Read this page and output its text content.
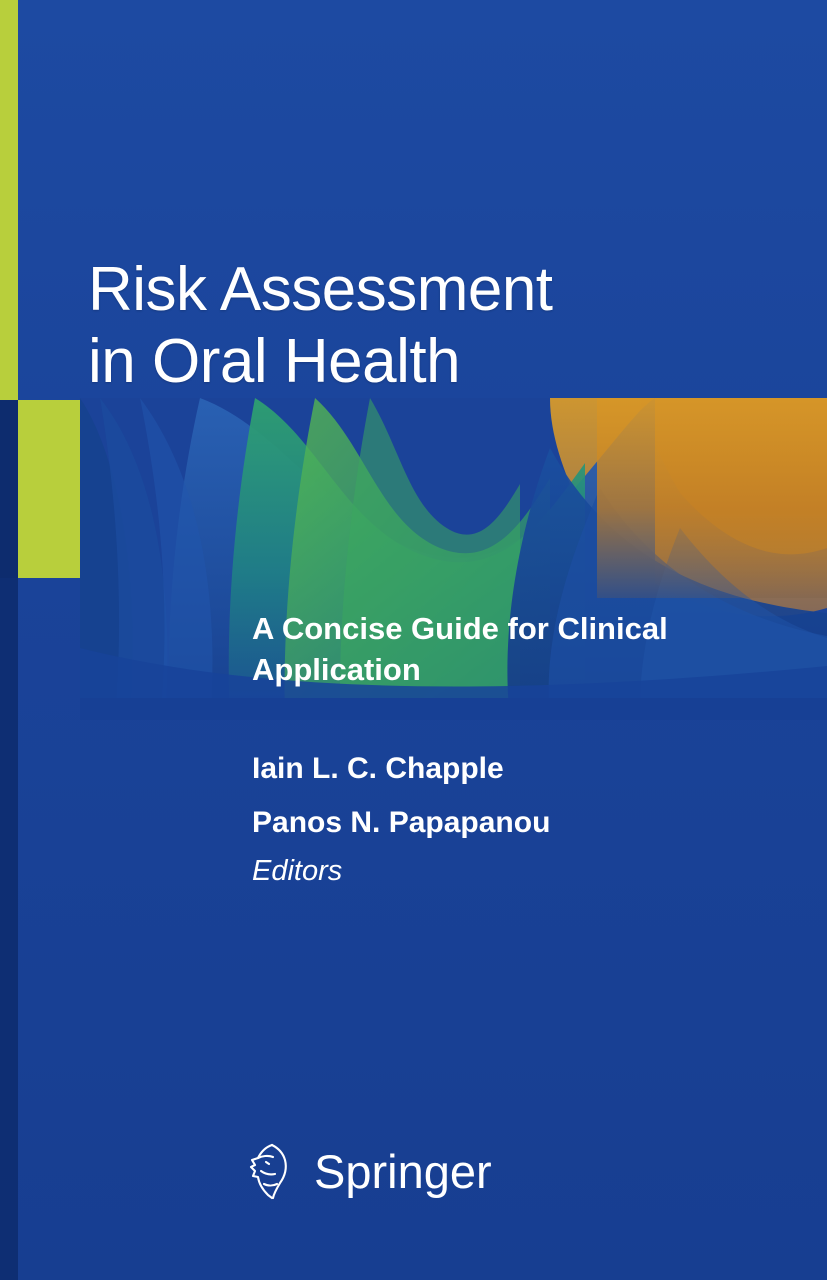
Risk Assessment
in Oral Health
A Concise Guide for Clinical Application
Iain L. C. Chapple
Panos N. Papapanou
Editors
Springer
